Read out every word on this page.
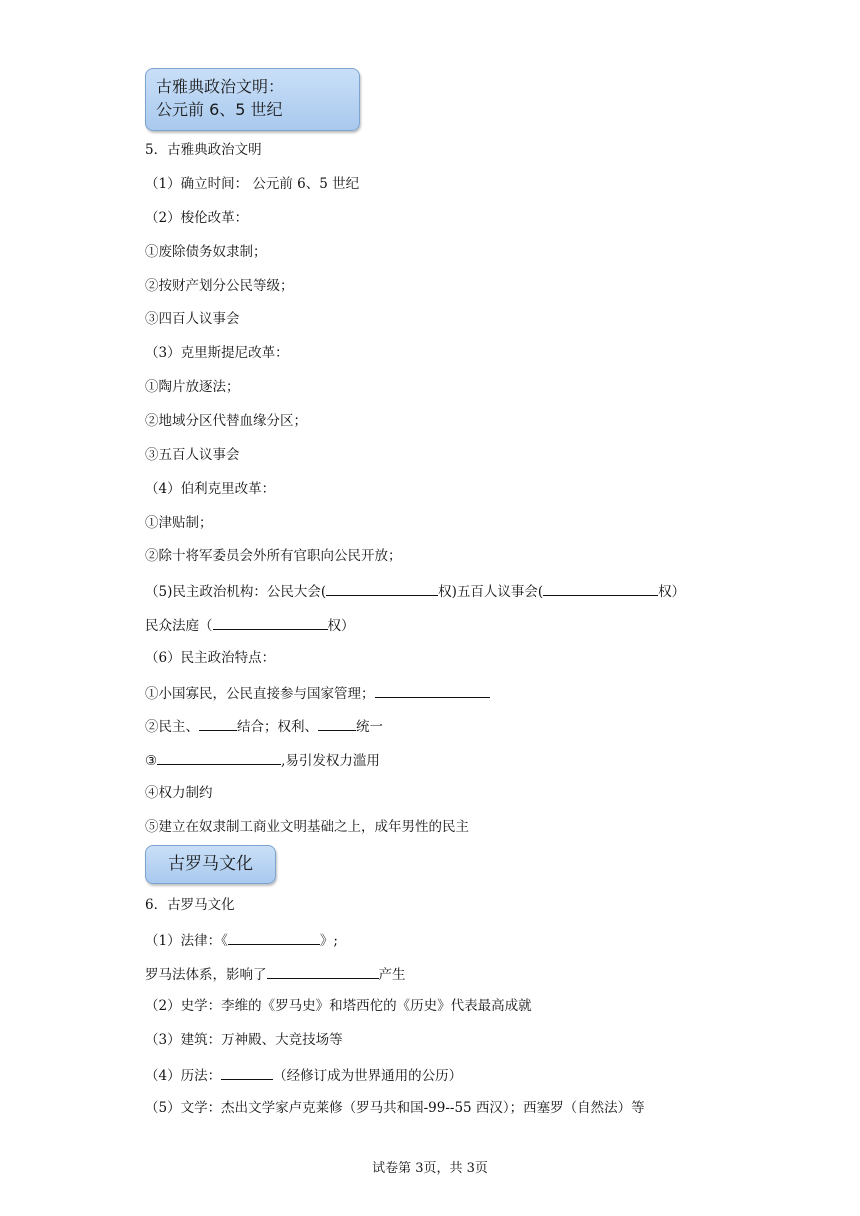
古雅典政治文明：
公元前 6、5 世纪
5．古雅典政治文明
（1）确立时间： 公元前 6、5 世纪
（2）梭伦改革：
①废除债务奴隶制；
②按财产划分公民等级；
③四百人议事会
（3）克里斯提尼改革：
①陶片放逐法；
②地域分区代替血缘分区；
③五百人议事会
（4）伯利克里改革：
①津贴制；
②除十将军委员会外所有官职向公民开放；
（5)民主政治机构：公民大会(	权)五百人议事会(	权）
民众法庭（	权）
（6）民主政治特点：
①小国寡民，公民直接参与国家管理；
②民主、	结合；权利、	统一
③	,易引发权力滥用
④权力制约
⑤建立在奴隶制工商业文明基础之上，成年男性的民主
古罗马文化
6．古罗马文化
（1）法律：《	》;
罗马法体系，影响了	产生
（2）史学：李维的《罗马史》和塔西佗的《历史》代表最高成就
（3）建筑：万神殿、大竞技场等
（4）历法：	（经修订成为世界通用的公历）
（5）文学：杰出文学家卢克莱修（罗马共和国-99--55 西汉）；西塞罗（自然法）等
试卷第 3页，共 3页
